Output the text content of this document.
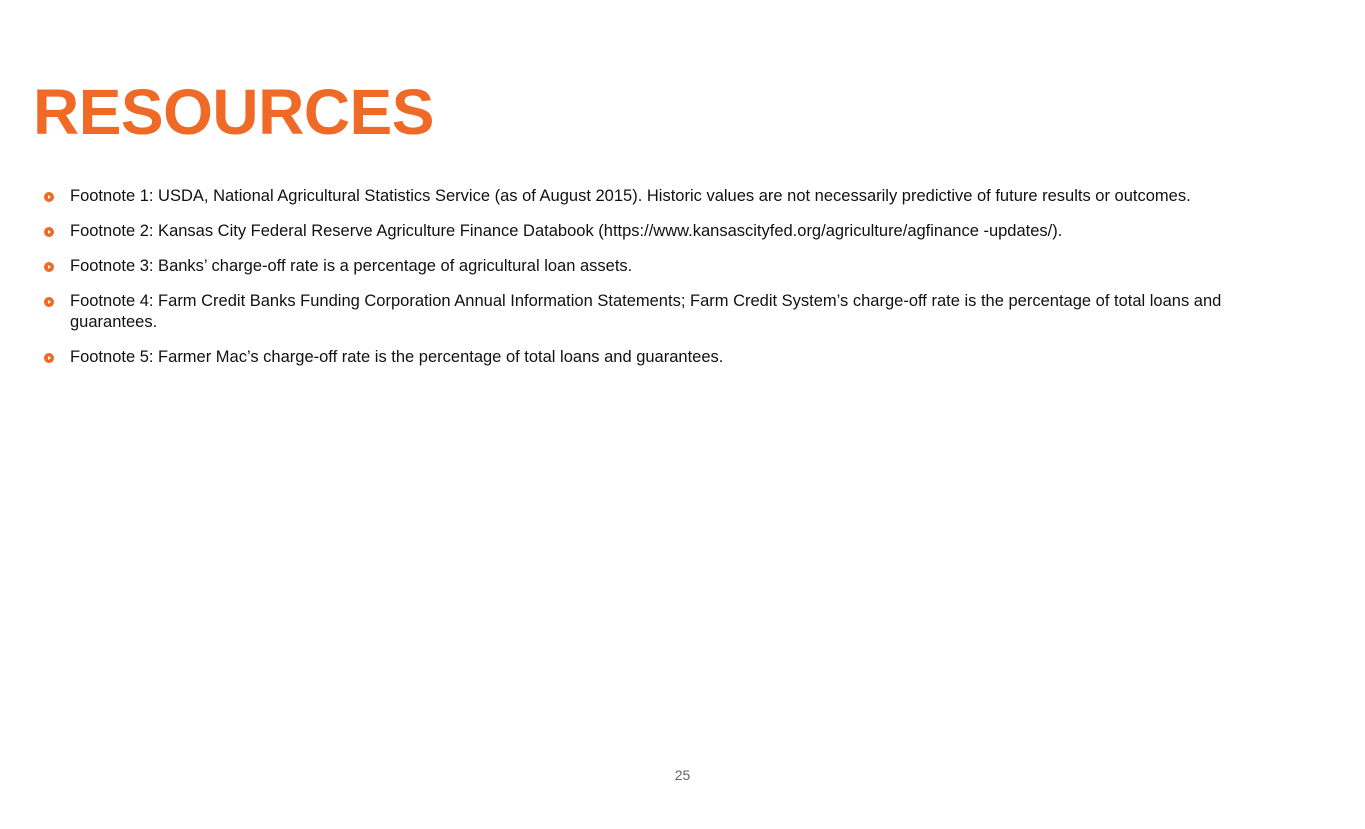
RESOURCES
Footnote 1: USDA, National Agricultural Statistics Service (as of August 2015). Historic values are not necessarily predictive of future results or outcomes.
Footnote 2: Kansas City Federal Reserve Agriculture Finance Databook (https://www.kansascityfed.org/agriculture/agfinance -updates/).
Footnote 3: Banks’ charge-off rate is a percentage of agricultural loan assets.
Footnote 4: Farm Credit Banks Funding Corporation Annual Information Statements; Farm Credit System’s charge-off rate is the percentage of total loans and guarantees.
Footnote 5: Farmer Mac’s charge-off rate is the percentage of total loans and guarantees.
25
